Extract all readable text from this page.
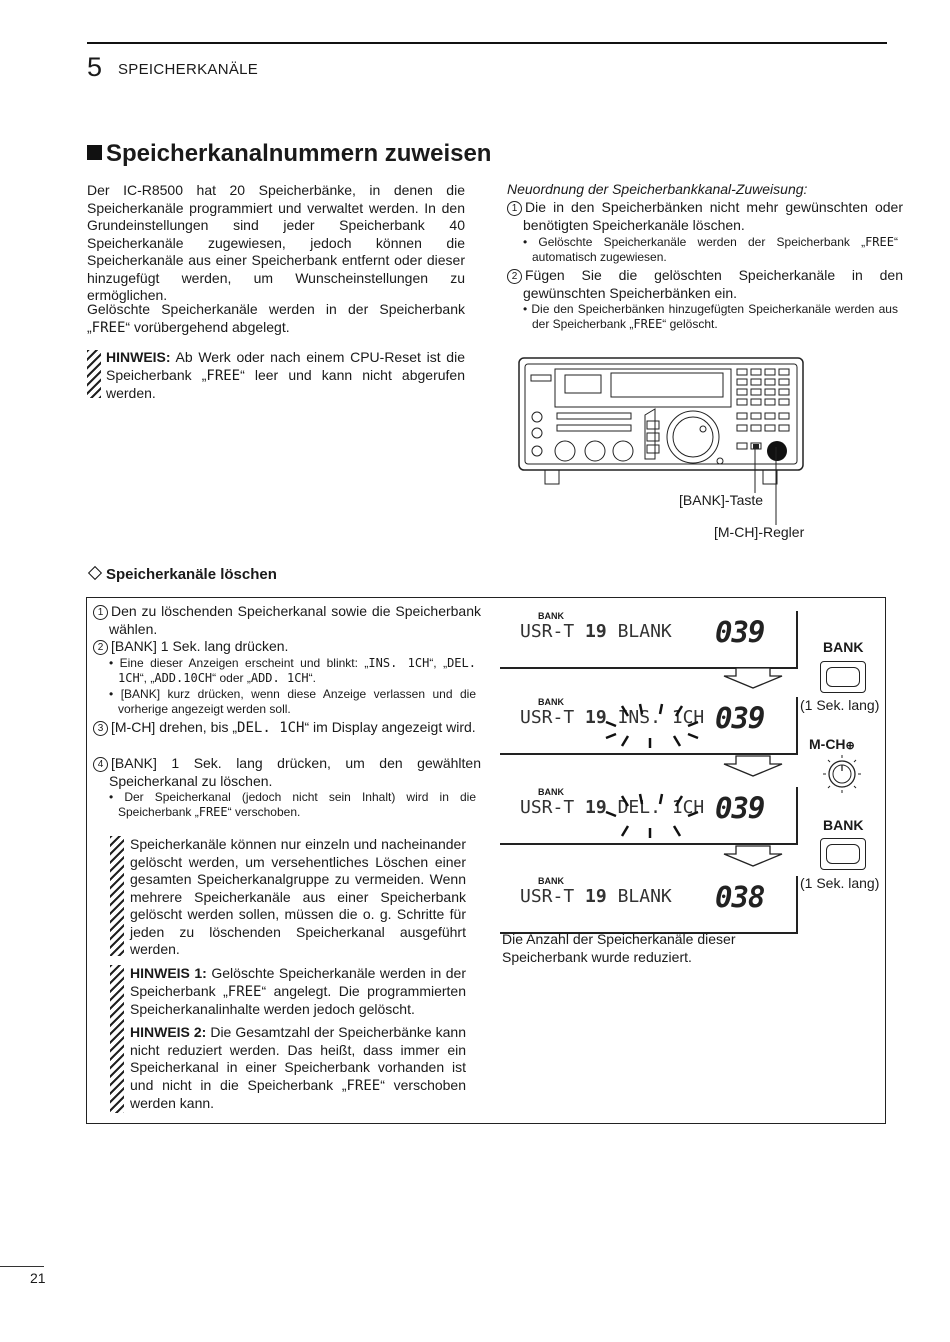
5 SPEICHERKANÄLE
Speicherkanalnummern zuweisen
Der IC-R8500 hat 20 Speicherbänke, in denen die Speicherkanäle programmiert und verwaltet werden. In den Grundeinstellungen sind jeder Speicherbank 40 Speicherkanäle zugewiesen, jedoch können die Speicherkanäle aus einer Speicherbank entfernt oder dieser hinzugefügt werden, um Wunscheinstellungen zu ermöglichen.
Gelöschte Speicherkanäle werden in der Speicherbank „FREE“ vorübergehend abgelegt.
HINWEIS: Ab Werk oder nach einem CPU-Reset ist die Speicherbank „FREE“ leer und kann nicht abgerufen werden.
Neuordnung der Speicherbankkanal-Zuweisung:
1 Die in den Speicherbänken nicht mehr gewünschten oder benötigten Speicherkanäle löschen.
• Gelöschte Speicherkanäle werden der Speicherbank „FREE“ automatisch zugewiesen.
2 Fügen Sie die gelöschten Speicherkanäle in den gewünschten Speicherbänken ein.
• Die den Speicherbänken hinzugefügten Speicherkanäle werden aus der Speicherbank „FREE“ gelöscht.
[BANK]-Taste
[M-CH]-Regler
Speicherkanäle löschen
1 Den zu löschenden Speicherkanal sowie die Speicherbank wählen.
2 [BANK] 1 Sek. lang drücken.
• Eine dieser Anzeigen erscheint und blinkt: „INS. 1CH“, „DEL. 1CH“, „ADD.10CH“ oder „ADD. 1CH“.
• [BANK] kurz drücken, wenn diese Anzeige verlassen und die vorherige angezeigt werden soll.
3 [M-CH] drehen, bis „DEL. 1CH“ im Display angezeigt wird.
4 [BANK] 1 Sek. lang drücken, um den gewählten Speicherkanal zu löschen.
• Der Speicherkanal (jedoch nicht sein Inhalt) wird in die Speicherbank „FREE“ verschoben.
Speicherkanäle können nur einzeln und nacheinander gelöscht werden, um versehentliches Löschen einer gesamten Speicherkanalgruppe zu vermeiden. Wenn mehrere Speicherkanäle aus einer Speicherbank gelöscht werden sollen, müssen die o. g. Schritte für jeden zu löschenden Speicherkanal ausgeführt werden.
HINWEIS 1: Gelöschte Speicherkanäle werden in der Speicherbank „FREE“ angelegt. Die programmierten Speicherkanalinhalte werden jedoch gelöscht.
HINWEIS 2: Die Gesamtzahl der Speicherbänke kann nicht reduziert werden. Das heißt, dass immer ein Speicherkanal in einer Speicherbank vorhanden ist und nicht in die Speicherbank „FREE“ verschoben werden kann.
BANK
USR-T 19 BLANK 039
BANK
USR-T 19 INS. 1CH 039
BANK
USR-T 19 DEL. 1CH 039
BANK
USR-T 19 BLANK 038
BANK
(1 Sek. lang)
M-CH⊕
BANK
(1 Sek. lang)
Die Anzahl der Speicherkanäle dieser Speicherbank wurde reduziert.
21
